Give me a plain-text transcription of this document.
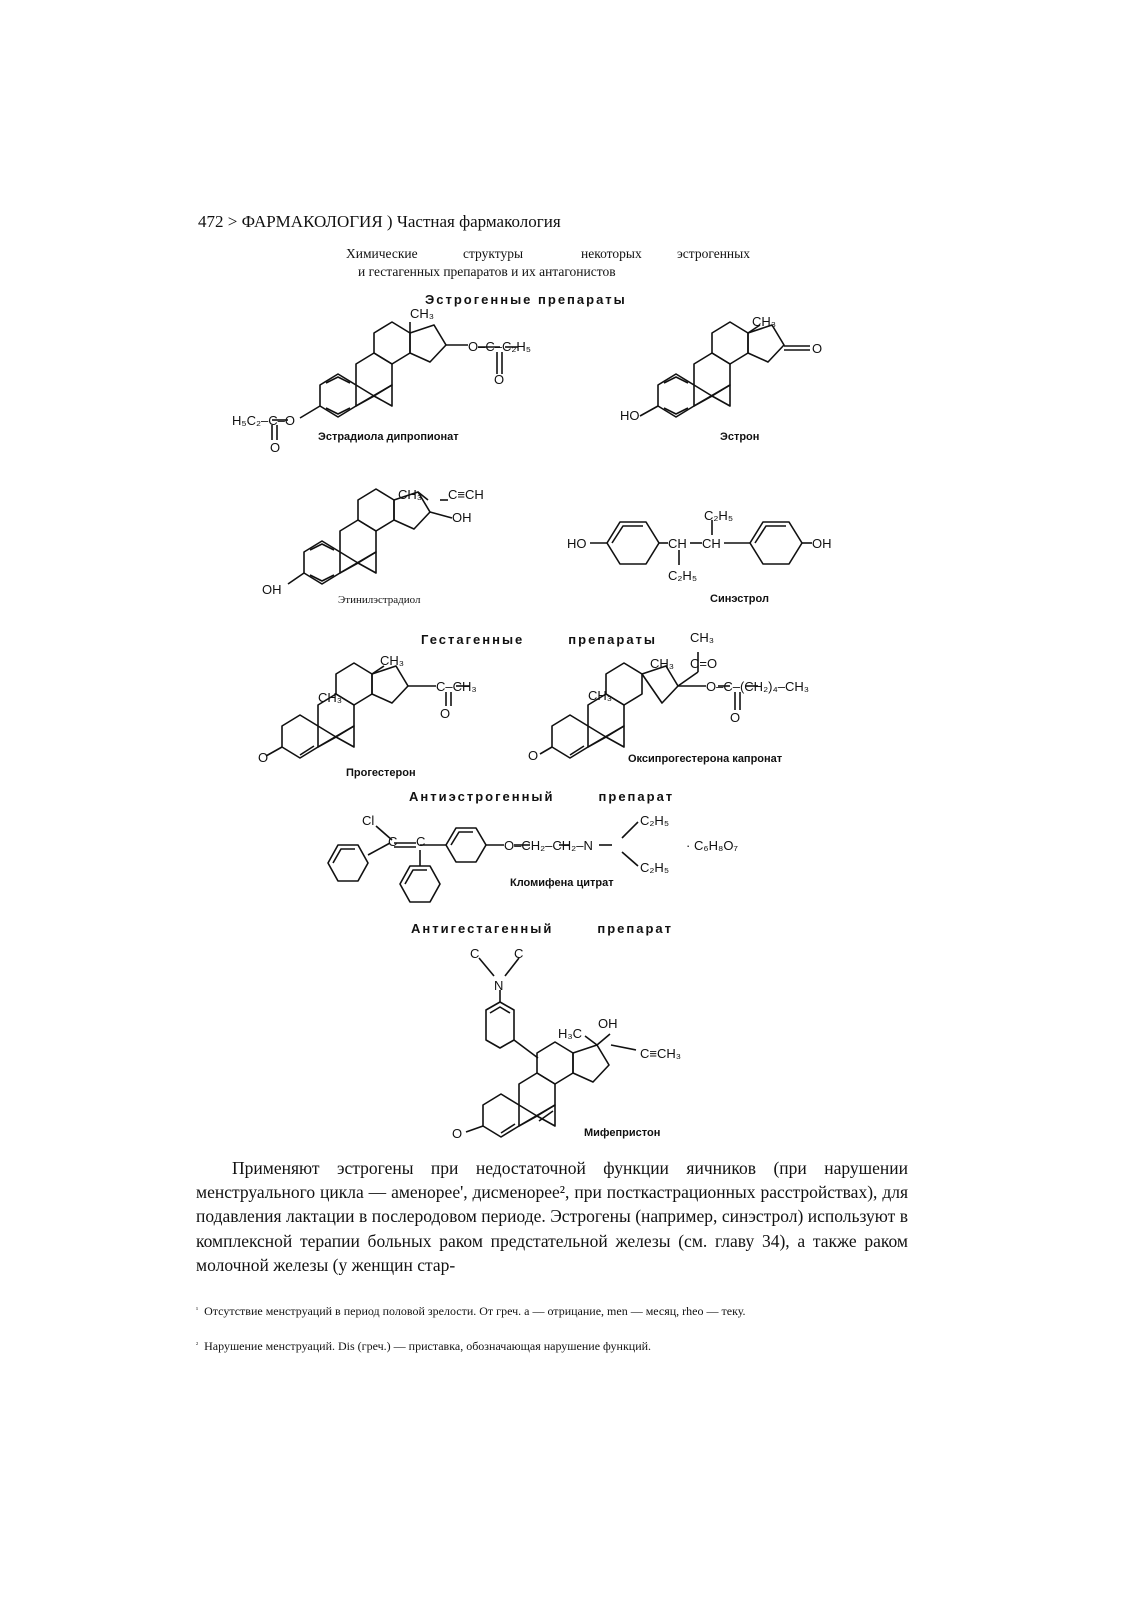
472 > ФАРМАКОЛОГИЯ ) Частная фармакология
Химические	структуры	некоторых	эстрогенных
и гестагенных препаратов и их антагонистов
Эстрогенные препараты
Гестагенные	препараты
Антиэстрогенный	препарат
Антигестагенный	препарат
CH₃
O–C–C₂H₅
O
H₅C₂–C–O
O
CH₃
O
HO
CH₃ C≡CH
OH
OH
HO	CH CH
C₂H₅
C₂H₅
OH
CH₃
CH₃
C–CH₃
O
O
CH₃
C=O
CH₃
CH₃
O–C–(CH₂)₄–CH₃
O
O
Cl
C C	O–CH₂–CH₂–N
C₂H₅
C₂H₅
· C₆H₈O₇
C	C
N
H₃C
OH
C≡CH₃
O
Эстрадиола дипропионат	Эстрон
Этинилэстрадиол	Синэстрол
Прогестерон
Оксипрогестерона капронат
Кломифена цитрат
Мифепристон
Применяют эстрогены при недостаточной функции яичников (при нарушении менструального цикла — аменорее', дисменорее², при посткастрационных расстройствах), для подавления лактации в послеродовом периоде. Эстрогены (например, синэстрол) используют в комплексной терапии больных раком предстательной железы (см. главу 34), а также раком молочной железы (у женщин стар-
$^{^1}$ Отсутствие менструаций в период половой зрелости. От греч. a — отрицание, men — месяц, rheo — теку.
$^{^2}$ Нарушение менструаций. Dis (греч.) — приставка, обозначающая нарушение функций.
